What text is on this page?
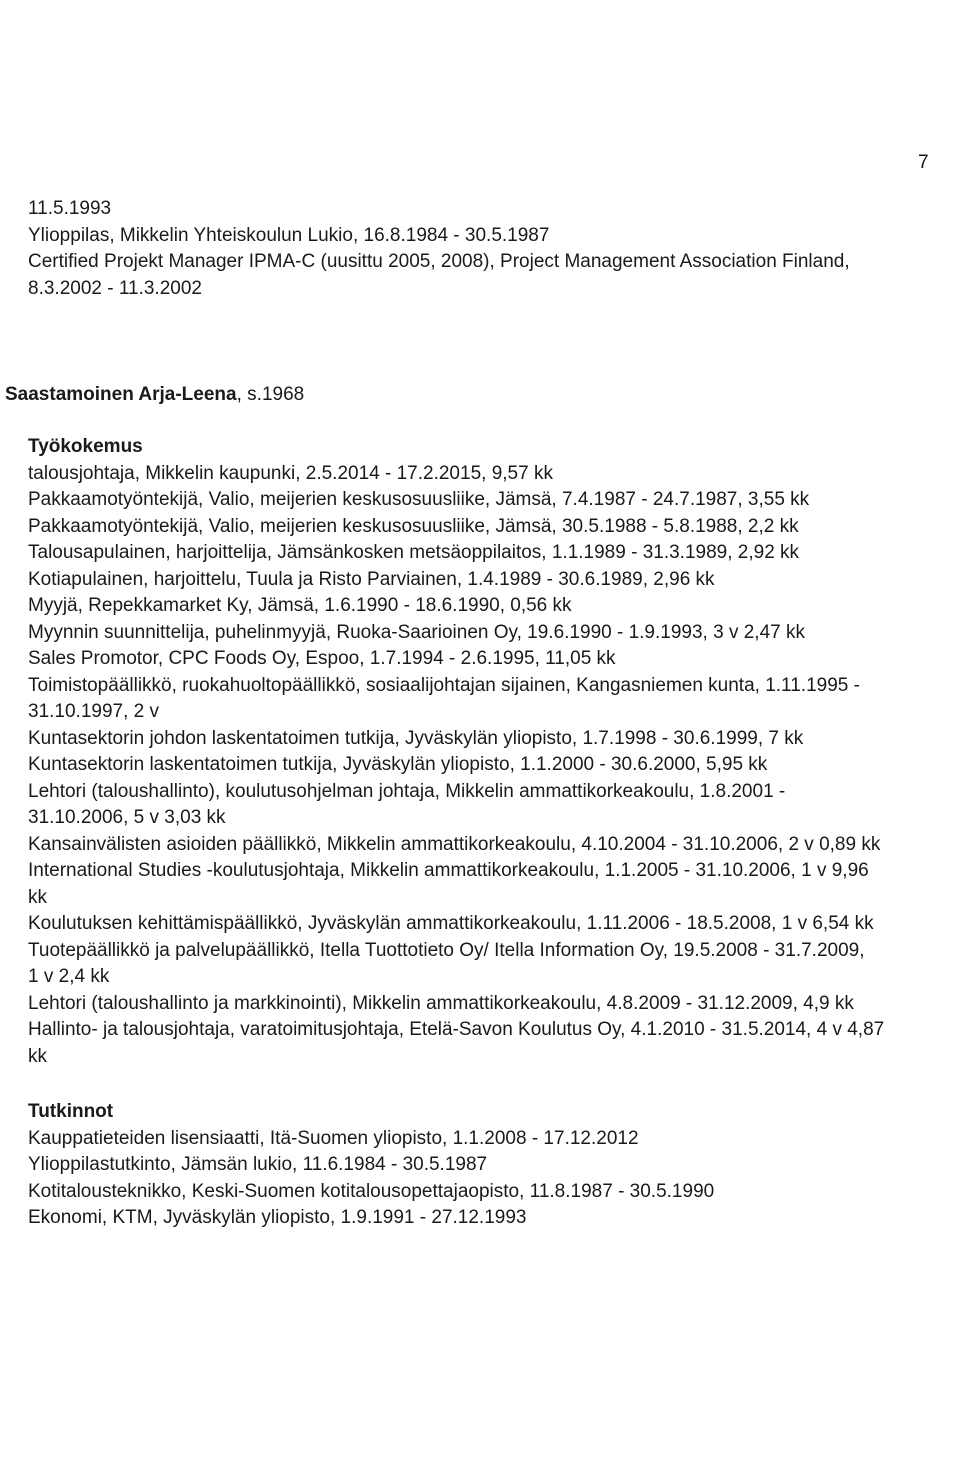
7
11.5.1993
Ylioppilas, Mikkelin Yhteiskoulun Lukio, 16.8.1984 - 30.5.1987
Certified Projekt Manager IPMA-C (uusittu 2005, 2008), Project Management Association Finland,
8.3.2002 - 11.3.2002
Saastamoinen Arja-Leena, s.1968
Työkokemus
talousjohtaja, Mikkelin kaupunki, 2.5.2014 - 17.2.2015, 9,57 kk
Pakkaamotyöntekijä, Valio, meijerien keskusosuusliike, Jämsä, 7.4.1987 - 24.7.1987, 3,55 kk
Pakkaamotyöntekijä, Valio, meijerien keskusosuusliike, Jämsä, 30.5.1988 - 5.8.1988, 2,2 kk
Talousapulainen, harjoittelija, Jämsänkosken metsäoppilaitos, 1.1.1989 - 31.3.1989, 2,92 kk
Kotiapulainen, harjoittelu, Tuula ja Risto Parviainen, 1.4.1989 - 30.6.1989, 2,96 kk
Myyjä, Repekkamarket Ky, Jämsä, 1.6.1990 - 18.6.1990, 0,56 kk
Myynnin suunnittelija, puhelinmyyjä, Ruoka-Saarioinen Oy, 19.6.1990 - 1.9.1993, 3 v 2,47 kk
Sales Promotor, CPC Foods Oy, Espoo, 1.7.1994 - 2.6.1995, 11,05 kk
Toimistopäällikkö, ruokahuoltopäällikkö, sosiaalijohtajan sijainen, Kangasniemen kunta, 1.11.1995 -
31.10.1997, 2 v
Kuntasektorin johdon laskentatoimen tutkija, Jyväskylän yliopisto, 1.7.1998 - 30.6.1999, 7 kk
Kuntasektorin laskentatoimen tutkija, Jyväskylän yliopisto, 1.1.2000 - 30.6.2000, 5,95 kk
Lehtori (taloushallinto), koulutusohjelman johtaja, Mikkelin ammattikorkeakoulu, 1.8.2001 -
31.10.2006, 5 v 3,03 kk
Kansainvälisten asioiden päällikkö, Mikkelin ammattikorkeakoulu, 4.10.2004 - 31.10.2006, 2 v 0,89 kk
International Studies -koulutusjohtaja, Mikkelin ammattikorkeakoulu, 1.1.2005 - 31.10.2006, 1 v 9,96
kk
Koulutuksen kehittämispäällikkö, Jyväskylän ammattikorkeakoulu, 1.11.2006 - 18.5.2008, 1 v 6,54 kk
Tuotepäällikkö ja palvelupäällikkö, Itella Tuottotieto Oy/ Itella Information Oy, 19.5.2008 - 31.7.2009,
1 v 2,4 kk
Lehtori (taloushallinto ja markkinointi), Mikkelin ammattikorkeakoulu, 4.8.2009 - 31.12.2009, 4,9 kk
Hallinto- ja talousjohtaja, varatoimitusjohtaja, Etelä-Savon Koulutus Oy, 4.1.2010 - 31.5.2014, 4 v 4,87
kk
Tutkinnot
Kauppatieteiden lisensiaatti, Itä-Suomen yliopisto, 1.1.2008 - 17.12.2012
Ylioppilastutkinto, Jämsän lukio, 11.6.1984 - 30.5.1987
Kotitalousteknikko, Keski-Suomen kotitalousopettajaopisto, 11.8.1987 - 30.5.1990
Ekonomi, KTM, Jyväskylän yliopisto, 1.9.1991 - 27.12.1993
